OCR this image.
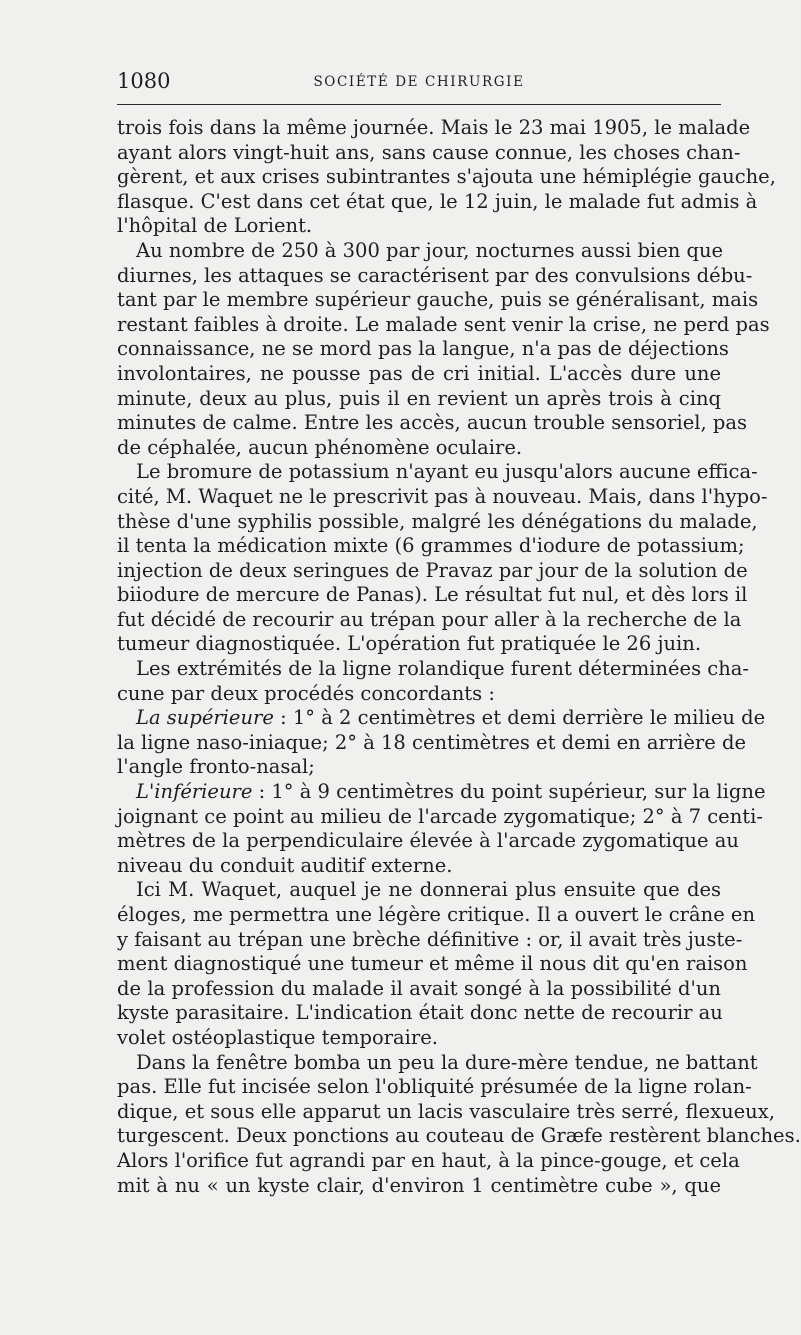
1080	SOCIÉTÉ DE CHIRURGIE
trois fois dans la même journée. Mais le 23 mai 1905, le malade
ayant alors vingt-huit ans, sans cause connue, les choses chan-
gèrent, et aux crises subintrantes s'ajouta une hémiplégie gauche,
flasque. C'est dans cet état que, le 12 juin, le malade fut admis à
l'hôpital de Lorient.
Au nombre de 250 à 300 par jour, nocturnes aussi bien que
diurnes, les attaques se caractérisent par des convulsions débu-
tant par le membre supérieur gauche, puis se généralisant, mais
restant faibles à droite. Le malade sent venir la crise, ne perd pas
connaissance, ne se mord pas la langue, n'a pas de déjections
involontaires, ne pousse pas de cri initial. L'accès dure une
minute, deux au plus, puis il en revient un après trois à cinq
minutes de calme. Entre les accès, aucun trouble sensoriel, pas
de céphalée, aucun phénomène oculaire.
Le bromure de potassium n'ayant eu jusqu'alors aucune effica-
cité, M. Waquet ne le prescrivit pas à nouveau. Mais, dans l'hypo-
thèse d'une syphilis possible, malgré les dénégations du malade,
il tenta la médication mixte (6 grammes d'iodure de potassium;
injection de deux seringues de Pravaz par jour de la solution de
biiodure de mercure de Panas). Le résultat fut nul, et dès lors il
fut décidé de recourir au trépan pour aller à la recherche de la
tumeur diagnostiquée. L'opération fut pratiquée le 26 juin.
Les extrémités de la ligne rolandique furent déterminées cha-
cune par deux procédés concordants :
La supérieure : 1° à 2 centimètres et demi derrière le milieu de
la ligne naso-iniaque; 2° à 18 centimètres et demi en arrière de
l'angle fronto-nasal;
L'inférieure : 1° à 9 centimètres du point supérieur, sur la ligne
joignant ce point au milieu de l'arcade zygomatique; 2° à 7 centi-
mètres de la perpendiculaire élevée à l'arcade zygomatique au
niveau du conduit auditif externe.
Ici M. Waquet, auquel je ne donnerai plus ensuite que des
éloges, me permettra une légère critique. Il a ouvert le crâne en
y faisant au trépan une brèche définitive : or, il avait très juste-
ment diagnostiqué une tumeur et même il nous dit qu'en raison
de la profession du malade il avait songé à la possibilité d'un
kyste parasitaire. L'indication était donc nette de recourir au
volet ostéoplastique temporaire.
Dans la fenêtre bomba un peu la dure-mère tendue, ne battant
pas. Elle fut incisée selon l'obliquité présumée de la ligne rolan-
dique, et sous elle apparut un lacis vasculaire très serré, flexueux,
turgescent. Deux ponctions au couteau de Græfe restèrent blanches.
Alors l'orifice fut agrandi par en haut, à la pince-gouge, et cela
mit à nu « un kyste clair, d'environ 1 centimètre cube », que
